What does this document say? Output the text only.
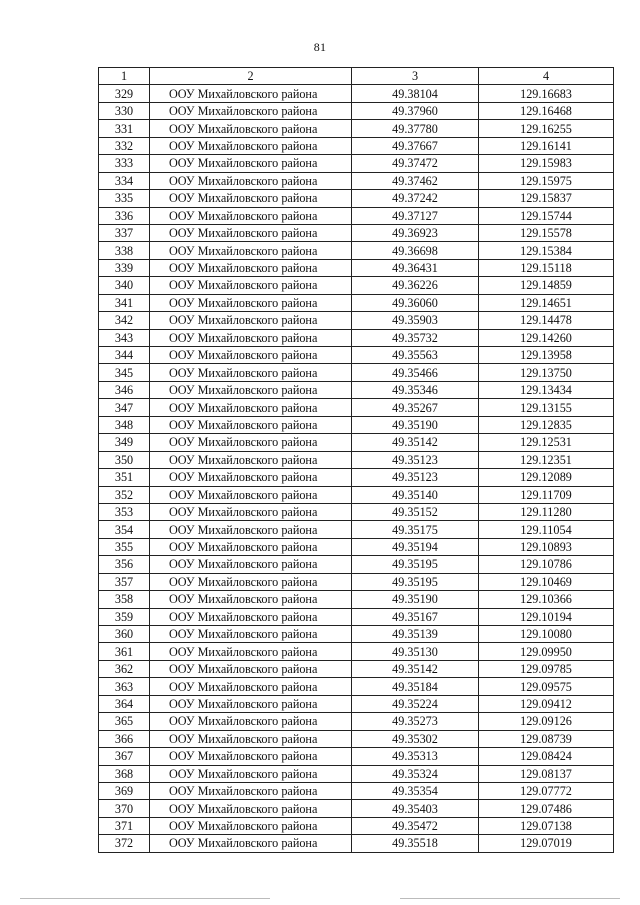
81
1	2	3	4
329	ООУ Михайловского района	49.38104	129.16683
330	ООУ Михайловского района	49.37960	129.16468
331	ООУ Михайловского района	49.37780	129.16255
332	ООУ Михайловского района	49.37667	129.16141
333	ООУ Михайловского района	49.37472	129.15983
334	ООУ Михайловского района	49.37462	129.15975
335	ООУ Михайловского района	49.37242	129.15837
336	ООУ Михайловского района	49.37127	129.15744
337	ООУ Михайловского района	49.36923	129.15578
338	ООУ Михайловского района	49.36698	129.15384
339	ООУ Михайловского района	49.36431	129.15118
340	ООУ Михайловского района	49.36226	129.14859
341	ООУ Михайловского района	49.36060	129.14651
342	ООУ Михайловского района	49.35903	129.14478
343	ООУ Михайловского района	49.35732	129.14260
344	ООУ Михайловского района	49.35563	129.13958
345	ООУ Михайловского района	49.35466	129.13750
346	ООУ Михайловского района	49.35346	129.13434
347	ООУ Михайловского района	49.35267	129.13155
348	ООУ Михайловского района	49.35190	129.12835
349	ООУ Михайловского района	49.35142	129.12531
350	ООУ Михайловского района	49.35123	129.12351
351	ООУ Михайловского района	49.35123	129.12089
352	ООУ Михайловского района	49.35140	129.11709
353	ООУ Михайловского района	49.35152	129.11280
354	ООУ Михайловского района	49.35175	129.11054
355	ООУ Михайловского района	49.35194	129.10893
356	ООУ Михайловского района	49.35195	129.10786
357	ООУ Михайловского района	49.35195	129.10469
358	ООУ Михайловского района	49.35190	129.10366
359	ООУ Михайловского района	49.35167	129.10194
360	ООУ Михайловского района	49.35139	129.10080
361	ООУ Михайловского района	49.35130	129.09950
362	ООУ Михайловского района	49.35142	129.09785
363	ООУ Михайловского района	49.35184	129.09575
364	ООУ Михайловского района	49.35224	129.09412
365	ООУ Михайловского района	49.35273	129.09126
366	ООУ Михайловского района	49.35302	129.08739
367	ООУ Михайловского района	49.35313	129.08424
368	ООУ Михайловского района	49.35324	129.08137
369	ООУ Михайловского района	49.35354	129.07772
370	ООУ Михайловского района	49.35403	129.07486
371	ООУ Михайловского района	49.35472	129.07138
372	ООУ Михайловского района	49.35518	129.07019
